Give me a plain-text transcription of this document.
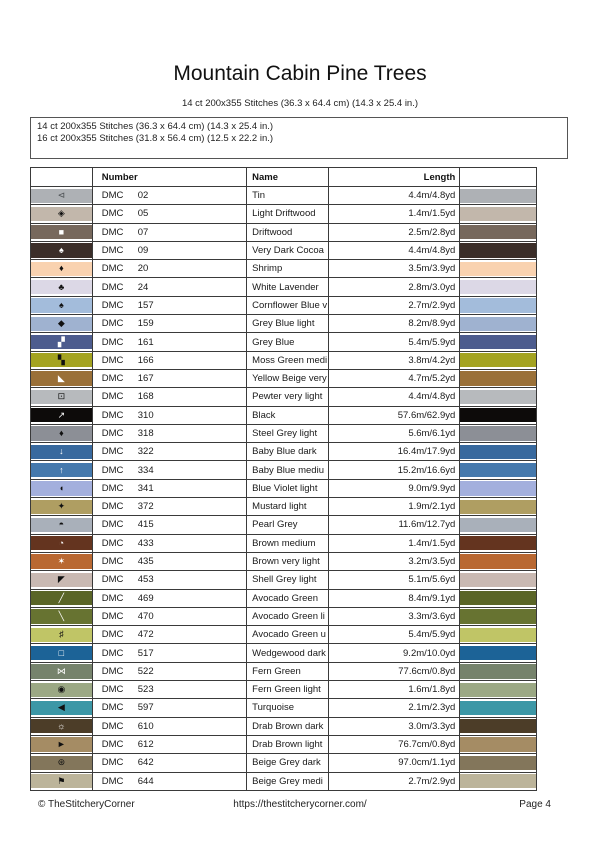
Mountain Cabin Pine Trees
14 ct 200x355 Stitches (36.3 x 64.4 cm) (14.3 x 25.4 in.)
14 ct 200x355 Stitches (36.3 x 64.4 cm) (14.3 x 25.4 in.)
16 ct 200x355 Stitches (31.8 x 56.4 cm) (12.5 x 22.2 in.)
Number	Name	Length
⊲	DMC	02	Tin	4.4m/4.8yd
◈	DMC	05	Light Driftwood	1.4m/1.5yd
■	DMC	07	Driftwood	2.5m/2.8yd
♠	DMC	09	Very Dark Cocoa	4.4m/4.8yd
♦	DMC	20	Shrimp	3.5m/3.9yd
♣	DMC	24	White Lavender	2.8m/3.0yd
♠	DMC	157	Cornflower Blue v	2.7m/2.9yd
◆	DMC	159	Grey Blue light	8.2m/8.9yd
▞	DMC	161	Grey Blue	5.4m/5.9yd
▚	DMC	166	Moss Green medi	3.8m/4.2yd
◣	DMC	167	Yellow Beige very	4.7m/5.2yd
⊡	DMC	168	Pewter very light	4.4m/4.8yd
↗	DMC	310	Black	57.6m/62.9yd
♦	DMC	318	Steel Grey light	5.6m/6.1yd
↓	DMC	322	Baby Blue dark	16.4m/17.9yd
↑	DMC	334	Baby Blue mediu	15.2m/16.6yd
◖	DMC	341	Blue Violet light	9.0m/9.9yd
✦	DMC	372	Mustard light	1.9m/2.1yd
◓	DMC	415	Pearl Grey	11.6m/12.7yd
◔	DMC	433	Brown medium	1.4m/1.5yd
✶	DMC	435	Brown very light	3.2m/3.5yd
◤	DMC	453	Shell Grey light	5.1m/5.6yd
╱	DMC	469	Avocado Green	8.4m/9.1yd
╲	DMC	470	Avocado Green li	3.3m/3.6yd
♯	DMC	472	Avocado Green u	5.4m/5.9yd
□	DMC	517	Wedgewood dark	9.2m/10.0yd
⋈	DMC	522	Fern Green	77.6cm/0.8yd
◉	DMC	523	Fern Green light	1.6m/1.8yd
◀	DMC	597	Turquoise	2.1m/2.3yd
☼	DMC	610	Drab Brown dark	3.0m/3.3yd
►	DMC	612	Drab Brown light	76.7cm/0.8yd
⊛	DMC	642	Beige Grey dark	97.0cm/1.1yd
⚑	DMC	644	Beige Grey medi	2.7m/2.9yd
© TheStitcheryCorner	https://thestitcherycorner.com/	Page 4
